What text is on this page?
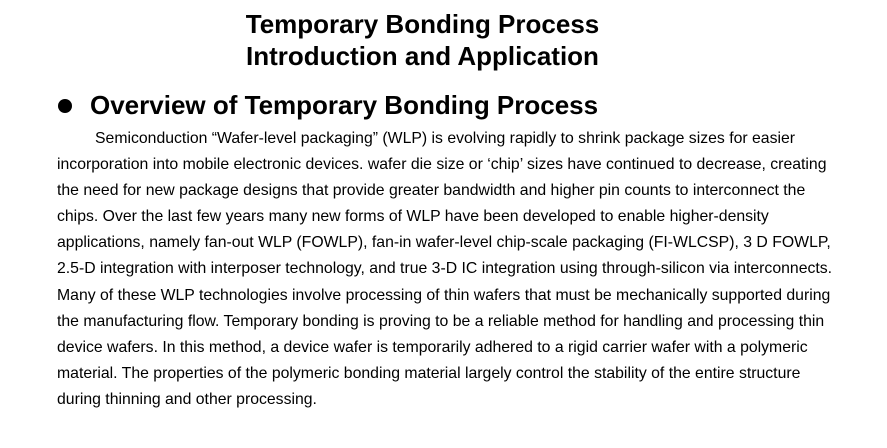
Temporary Bonding Process
Introduction and Application
Overview of Temporary Bonding Process

Semiconduction “Wafer-level packaging” (WLP) is evolving rapidly to shrink package sizes for easier incorporation into mobile electronic devices. wafer die size or ‘chip’ sizes have continued to decrease, creating the need for new package designs that provide greater bandwidth and higher pin counts to interconnect the chips. Over the last few years many new forms of WLP have been developed to enable higher-density applications, namely fan-out WLP (FOWLP), fan-in wafer-level chip-scale packaging (FI-WLCSP), 3 D FOWLP, 2.5-D integration with interposer technology, and true 3-D IC integration using through-silicon via interconnects. Many of these WLP technologies involve processing of thin wafers that must be mechanically supported during the manufacturing flow. Temporary bonding is proving to be a reliable method for handling and processing thin device wafers. In this method, a device wafer is temporarily adhered to a rigid carrier wafer with a polymeric material. The properties of the polymeric bonding material largely control the stability of the entire structure during thinning and other processing.
